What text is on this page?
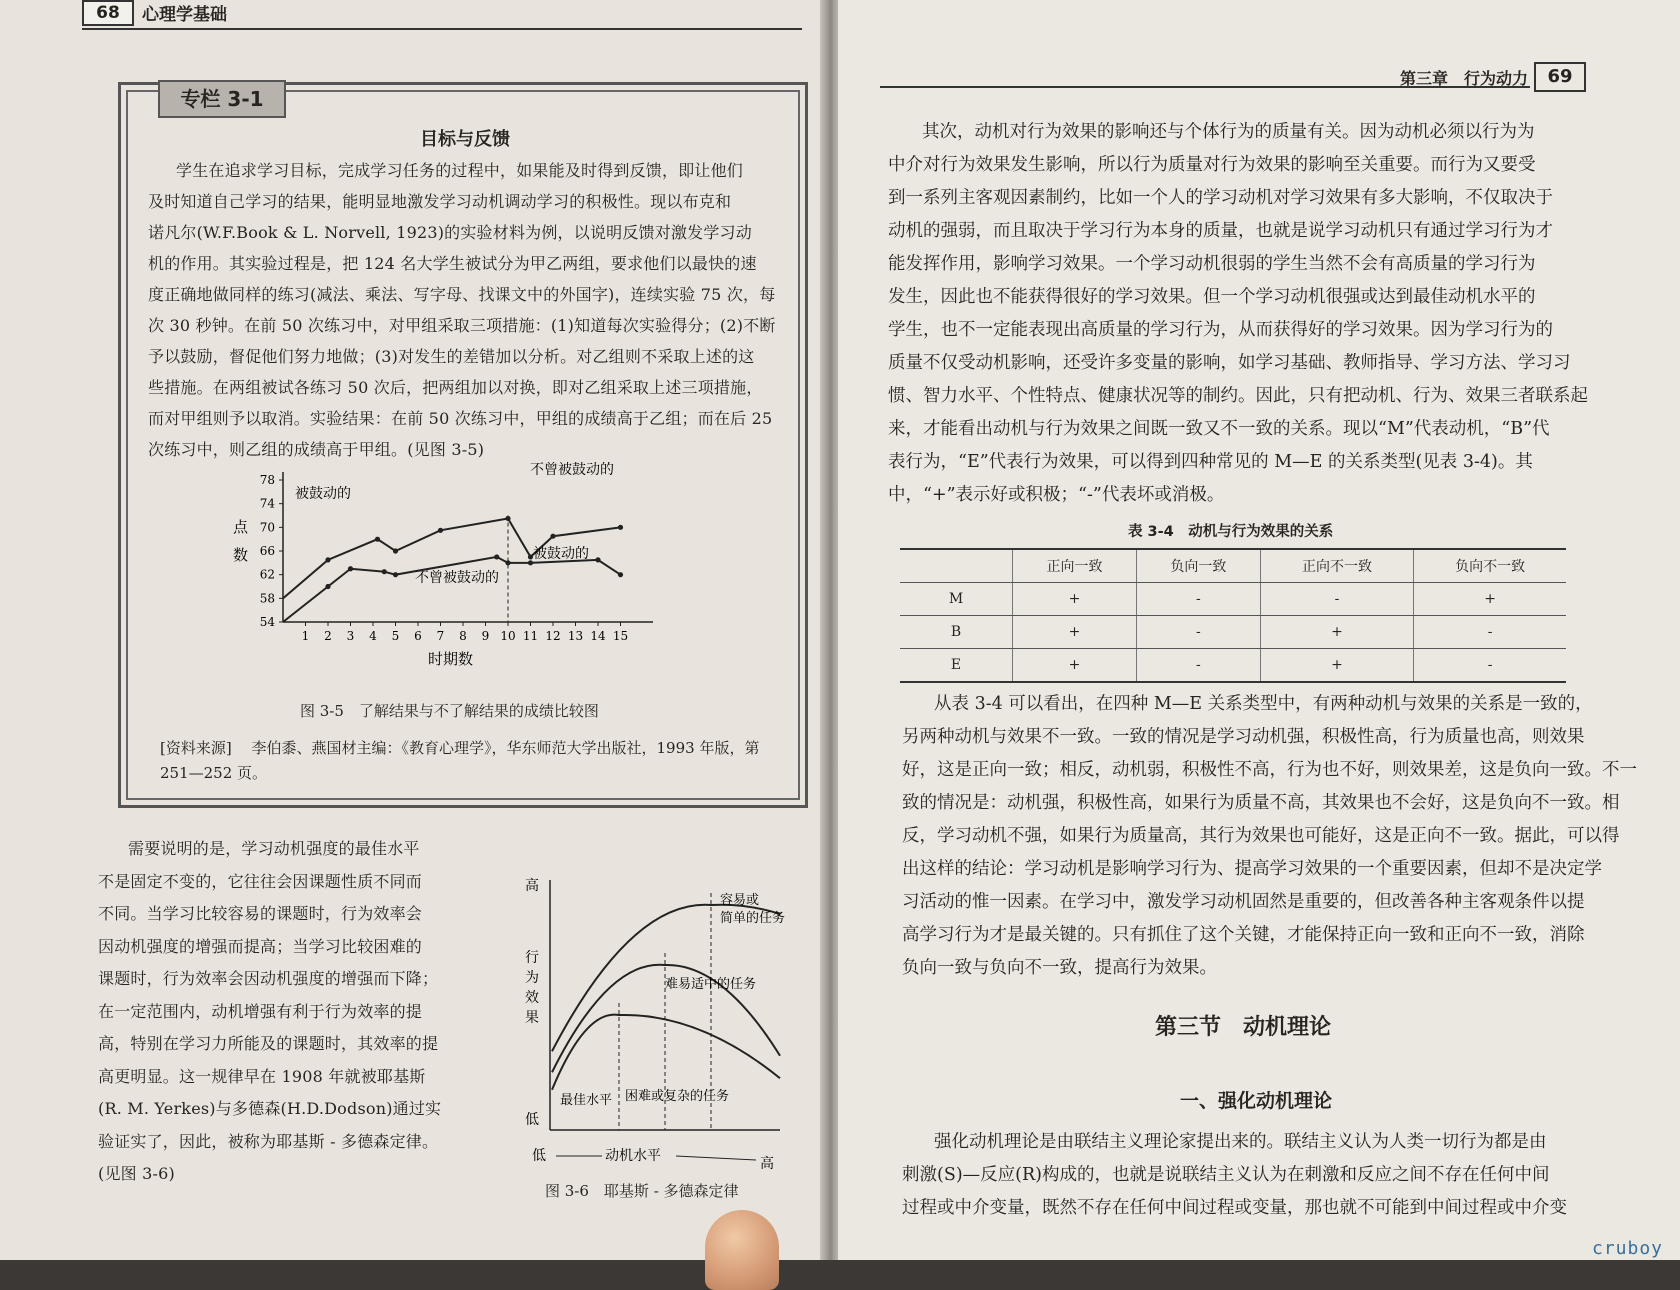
68	心理学基础
专栏 3-1
目标与反馈
学生在追求学习目标，完成学习任务的过程中，如果能及时得到反馈，即让他们
及时知道自己学习的结果，能明显地激发学习动机调动学习的积极性。现以布克和
诺凡尔(W.F.Book & L. Norvell, 1923)的实验材料为例，以说明反馈对激发学习动
机的作用。其实验过程是，把 124 名大学生被试分为甲乙两组，要求他们以最快的速
度正确地做同样的练习(减法、乘法、写字母、找课文中的外国字)，连续实验 75 次，每
次 30 秒钟。在前 50 次练习中，对甲组采取三项措施：(1)知道每次实验得分；(2)不断
予以鼓励，督促他们努力地做；(3)对发生的差错加以分析。对乙组则不采取上述的这
些措施。在两组被试各练习 50 次后，把两组加以对换，即对乙组采取上述三项措施，
而对甲组则予以取消。实验结果：在前 50 次练习中，甲组的成绩高于乙组；而在后 25
次练习中，则乙组的成绩高于甲组。(见图 3-5)
54
58
62
66
70
74
78
1 2 3 4 5 6 7 8 9 10 11 12 13 14 15
点
数
时期数
被鼓动的
不曾被鼓动的
不曾被鼓动的
被鼓动的
图 3-5　了解结果与不了解结果的成绩比较图
[资料来源]　 李伯黍、燕国材主编：《教育心理学》，华东师范大学出版社，1993 年版，第
251—252 页。
需要说明的是，学习动机强度的最佳水平
不是固定不变的，它往往会因课题性质不同而
不同。当学习比较容易的课题时，行为效率会
因动机强度的增强而提高；当学习比较困难的
课题时，行为效率会因动机强度的增强而下降；
在一定范围内，动机增强有利于行为效率的提
高，特别在学习力所能及的课题时，其效率的提
高更明显。这一规律早在 1908 年就被耶基斯
(R. M. Yerkes)与多德森(H.D.Dodson)通过实
验证实了，因此，被称为耶基斯 - 多德森定律。
(见图 3-6)
高
低
行
为
效
果
低	动机水平	高
最佳水平
容易或
简单的任务
难易适中的任务
困难或复杂的任务
图 3-6　耶基斯 - 多德森定律
第三章　行为动力	69
其次，动机对行为效果的影响还与个体行为的质量有关。因为动机必须以行为为
中介对行为效果发生影响，所以行为质量对行为效果的影响至关重要。而行为又要受
到一系列主客观因素制约，比如一个人的学习动机对学习效果有多大影响，不仅取决于
动机的强弱，而且取决于学习行为本身的质量，也就是说学习动机只有通过学习行为才
能发挥作用，影响学习效果。一个学习动机很弱的学生当然不会有高质量的学习行为
发生，因此也不能获得很好的学习效果。但一个学习动机很强或达到最佳动机水平的
学生，也不一定能表现出高质量的学习行为，从而获得好的学习效果。因为学习行为的
质量不仅受动机影响，还受许多变量的影响，如学习基础、教师指导、学习方法、学习习
惯、智力水平、个性特点、健康状况等的制约。因此，只有把动机、行为、效果三者联系起
来，才能看出动机与行为效果之间既一致又不一致的关系。现以“M”代表动机，“B”代
表行为，“E”代表行为效果，可以得到四种常见的 M—E 的关系类型(见表 3-4)。其
中，“+”表示好或积极；“-”代表坏或消极。
表 3-4　动机与行为效果的关系
	正向一致	负向一致	正向不一致	负向不一致
M	+	-	-	+
B	+	-	+	-
E	+	-	+	-
从表 3-4 可以看出，在四种 M—E 关系类型中，有两种动机与效果的关系是一致的，
另两种动机与效果不一致。一致的情况是学习动机强，积极性高，行为质量也高，则效果
好，这是正向一致；相反，动机弱，积极性不高，行为也不好，则效果差，这是负向一致。不一
致的情况是：动机强，积极性高，如果行为质量不高，其效果也不会好，这是负向不一致。相
反，学习动机不强，如果行为质量高，其行为效果也可能好，这是正向不一致。据此，可以得
出这样的结论：学习动机是影响学习行为、提高学习效果的一个重要因素，但却不是决定学
习活动的惟一因素。在学习中，激发学习动机固然是重要的，但改善各种主客观条件以提
高学习行为才是最关键的。只有抓住了这个关键，才能保持正向一致和正向不一致，消除
负向一致与负向不一致，提高行为效果。
第三节　动机理论
一、强化动机理论
强化动机理论是由联结主义理论家提出来的。联结主义认为人类一切行为都是由
刺激(S)—反应(R)构成的，也就是说联结主义认为在刺激和反应之间不存在任何中间
过程或中介变量，既然不存在任何中间过程或变量，那也就不可能到中间过程或中介变
cruboy
